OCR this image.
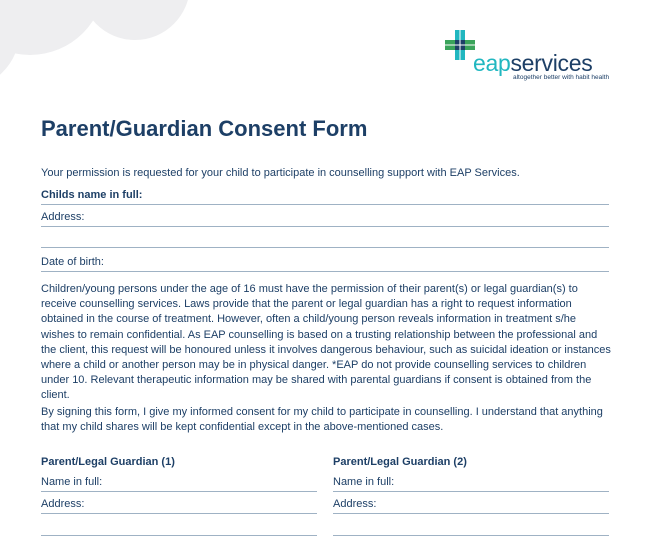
eapservices
altogether better with habit health
Parent/Guardian Consent Form
Your permission is requested for your child to participate in counselling support with EAP Services.
Childs name in full:
Address:
Date of birth:

Children/young persons under the age of 16 must have the permission of their parent(s) or legal guardian(s) to receive counselling services. Laws provide that the parent or legal guardian has a right to request information obtained in the course of treatment. However, often a child/young person reveals information in treatment s/he wishes to remain confidential. As EAP counselling is based on a trusting relationship between the professional and the client, this request will be honoured unless it involves dangerous behaviour, such as suicidal ideation or instances where a child or another person may be in physical danger. *EAP do not provide counselling services to children under 10. Relevant therapeutic information may be shared with parental guardians if consent is obtained from the client.

By signing this form, I give my informed consent for my child to participate in counselling. I understand that anything that my child shares will be kept confidential except in the above-mentioned cases.

Parent/Legal Guardian (1)
Name in full:
Address:
Parent/Legal Guardian (2)
Name in full:
Address:
